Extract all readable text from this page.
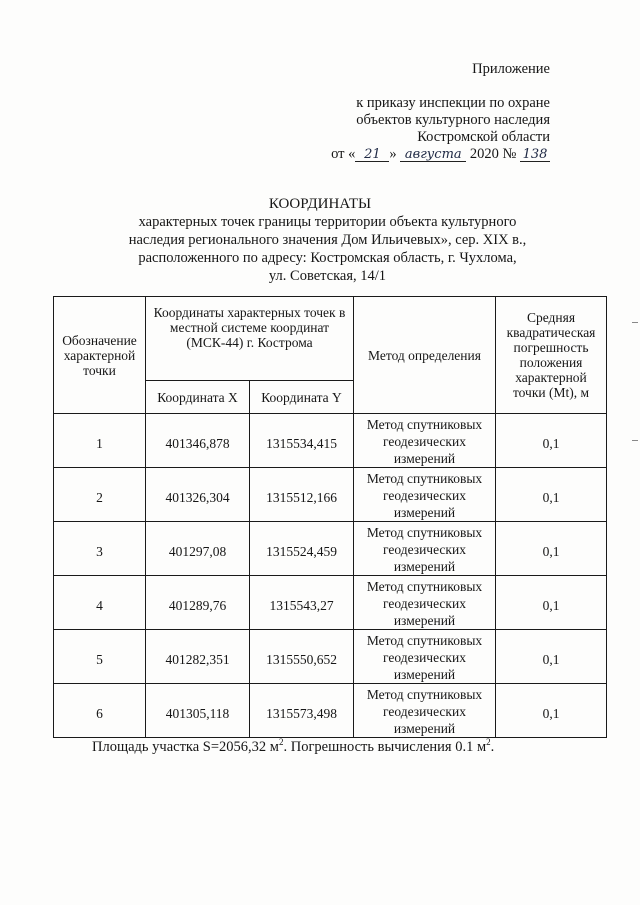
Приложение
к приказу инспекции по охране
объектов культурного наследия
Костромской области
от « 21 » августа 2020 № 138
КООРДИНАТЫ
характерных точек границы территории объекта культурного
наследия регионального значения Дом Ильичевых», сер. XIX в.,
расположенного по адресу: Костромская область, г. Чухлома,
ул. Советская, 14/1
Обозначение характерной точки	Координаты характерных точек в местной системе координат (МСК-44) г. Кострома		Метод определения	Средняя квадратическая погрешность положения характерной точки (Mt), м
	Координата X	Координата Y		
1	401346,878	1315534,415	Метод спутниковых геодезических измерений	0,1
2	401326,304	1315512,166	Метод спутниковых геодезических измерений	0,1
3	401297,08	1315524,459	Метод спутниковых геодезических измерений	0,1
4	401289,76	1315543,27	Метод спутниковых геодезических измерений	0,1
5	401282,351	1315550,652	Метод спутниковых геодезических измерений	0,1
6	401305,118	1315573,498	Метод спутниковых геодезических измерений	0,1
Площадь участка S=2056,32 $м^2$. Погрешность вычисления 0.1 $м^2$.
